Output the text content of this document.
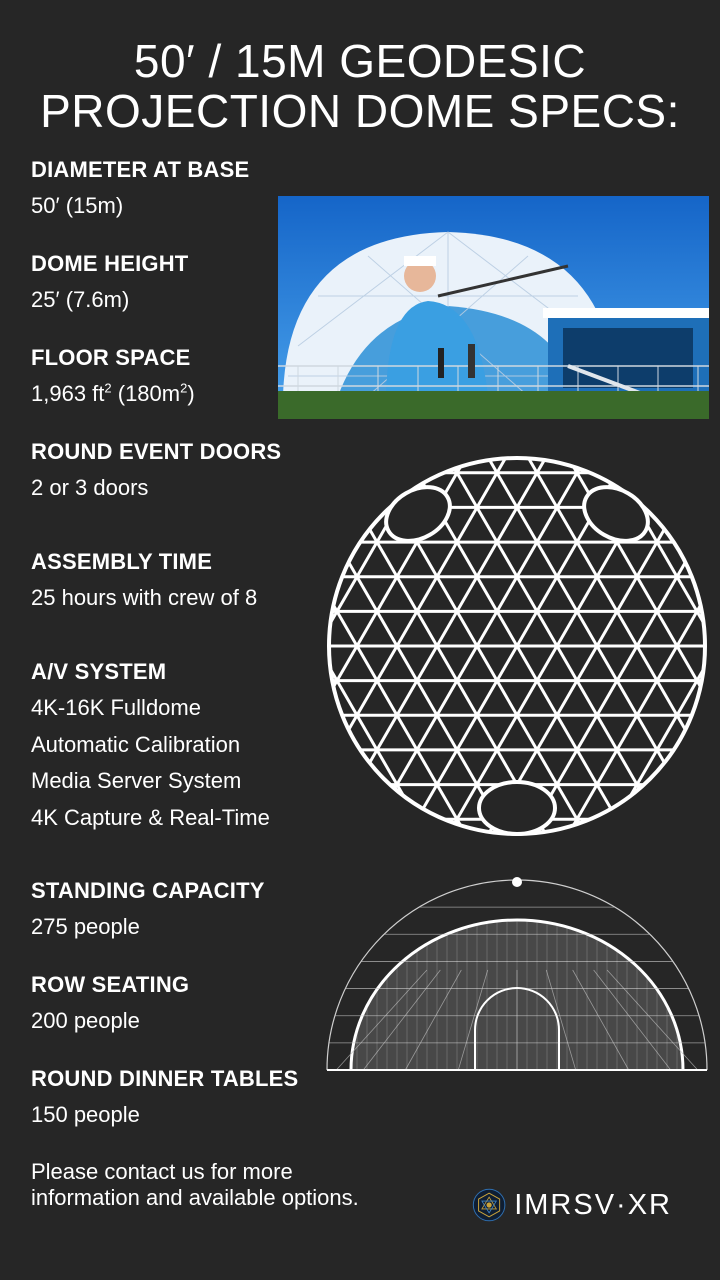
50′ / 15M GEODESIC
PROJECTION DOME SPECS:
DIAMETER AT BASE
50′ (15m)
DOME HEIGHT
25′ (7.6m)
FLOOR SPACE
1,963 $ft^2$ $(180m^2)$
ROUND EVENT DOORS
2 or 3 doors
ASSEMBLY TIME
25 hours with crew of 8
A/V SYSTEM
4K-16K Fulldome
Automatic Calibration
Media Server System
4K Capture & Real-Time
STANDING CAPACITY
275 people
ROW SEATING
200 people
ROUND DINNER TABLES
150 people
Please contact us for more information and available options.	IMRSV·XR
